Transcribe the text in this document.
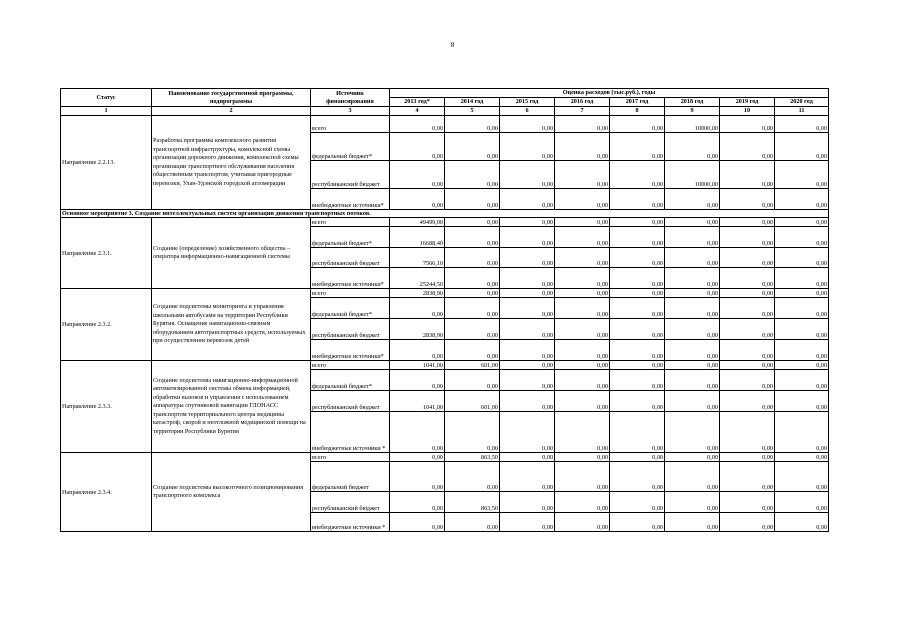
8
Статус	Наименование государственной программы, подпрограммы	Источник финансирования	Оценка расходов (тыс.руб.), годы							
			2013 год*	2014 год	2015 год	2016 год	2017 год	2018 год	2019 год	2020 год
1	2	3	4	5	6	7	8	9	10	11
Направление 2.2.13.	Разработка программы комплексного развития транспортной инфраструктуры, комплексной схемы организации дорожного движения, комплексной схемы организации транспортного обслуживания населения общественным транспортом, учитывая пригородные перевозки, Улан-Удэнской городской агломерации	всего	0,00	0,00	0,00	0,00	0,00	10000,00	0,00	0,00
		федеральный бюджет*	0,00	0,00	0,00	0,00	0,00	0,00	0,00	0,00
		республиканский бюджет	0,00	0,00	0,00	0,00	0,00	10000,00	0,00	0,00
		внебюджетные источники*	0,00	0,00	0,00	0,00	0,00	0,00	0,00	0,00
Основное мероприятие 3. Создание интеллектуальных систем организации движения транспортных потоков.										
Направление 2.3.1.	Создание (определение) хозяйственного общества – оператора информационно-навигационной системы	всего	49499,00	0,00	0,00	0,00	0,00	0,00	0,00	0,00
		федеральный бюджет*	16688,40	0,00	0,00	0,00	0,00	0,00	0,00	0,00
		республиканский бюджет	7566,10	0,00	0,00	0,00	0,00	0,00	0,00	0,00
		внебюджетные источники*	25244,50	0,00	0,00	0,00	0,00	0,00	0,00	0,00
Направление 2.3.2.	Создание подсистемы мониторинга и управления школьными автобусами на территории Республики Бурятия. Оснащение навигационно-связным оборудованием автотранспортных средств, используемых при осуществлении перевозок детей	всего	2838,90	0,00	0,00	0,00	0,00	0,00	0,00	0,00
		федеральный бюджет*	0,00	0,00	0,00	0,00	0,00	0,00	0,00	0,00
		республиканский бюджет	2838,90	0,00	0,00	0,00	0,00	0,00	0,00	0,00
		внебюджетные источники*	0,00	0,00	0,00	0,00	0,00	0,00	0,00	0,00
Направление 2.3.3.	Создание подсистемы навигационно-информационной автоматизированной системы обмена информацией, обработки вызовов и управления с использованием аппаратуры спутниковой навигации ГЛОНАСС транспортом территориального центра медицины катастроф, скорой и неотложной медицинской помощи на территории Республики Бурятия	всего	1041,00	601,00	0,00	0,00	0,00	0,00	0,00	0,00
		федеральный бюджет*	0,00	0,00	0,00	0,00	0,00	0,00	0,00	0,00
		республиканский бюджет	1041,00	601,00	0,00	0,00	0,00	0,00	0,00	0,00
		внебюджетные источники *	0,00	0,00	0,00	0,00	0,00	0,00	0,00	0,00
Направление 2.3.4.	Создание подсистемы высокоточного позиционирования транспортного комплекса	всего	0,00	863,50	0,00	0,00	0,00	0,00	0,00	0,00
		федеральный бюджет	0,00	0,00	0,00	0,00	0,00	0,00	0,00	0,00
		республиканский бюджет	0,00	863,50	0,00	0,00	0,00	0,00	0,00	0,00
		внебюджетные источники *	0,00	0,00	0,00	0,00	0,00	0,00	0,00	0,00
